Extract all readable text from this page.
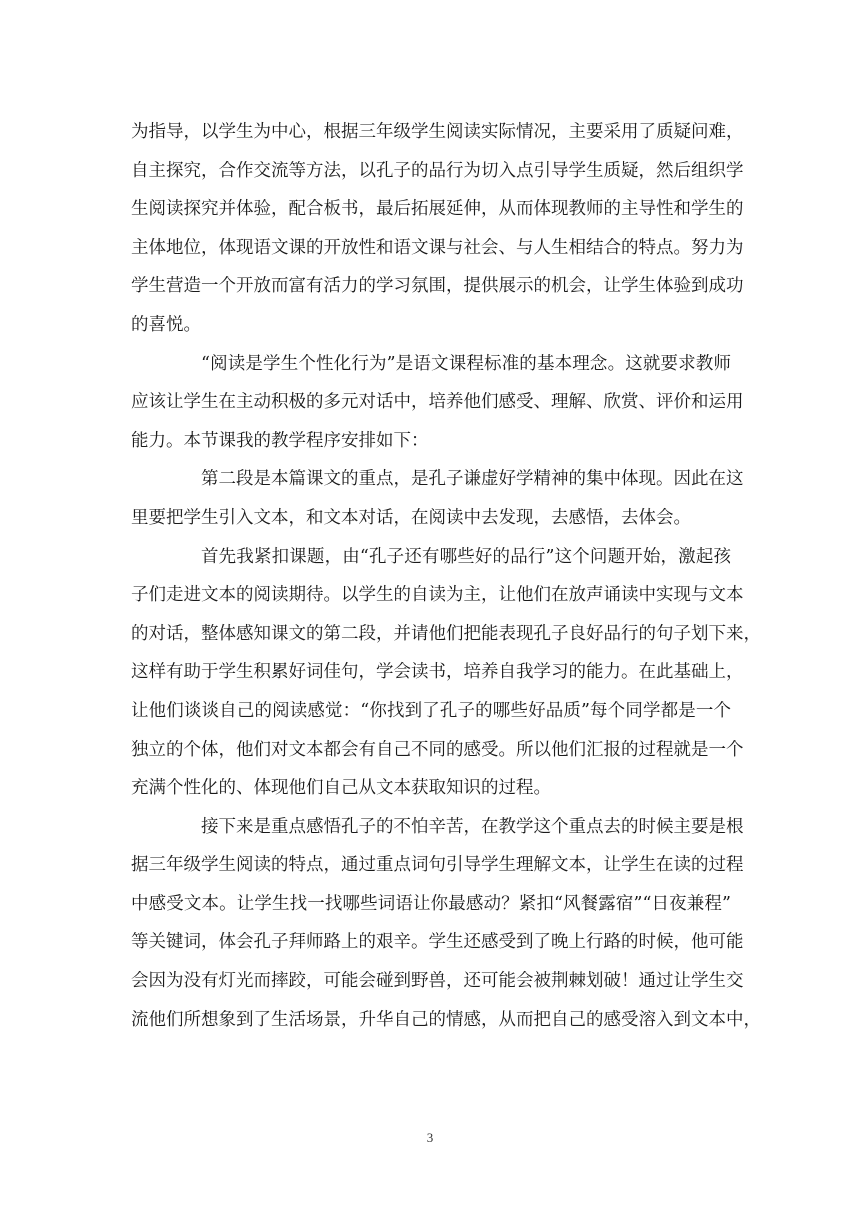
为指导，以学生为中心，根据三年级学生阅读实际情况，主要采用了质疑问难，
自主探究，合作交流等方法，以孔子的品行为切入点引导学生质疑，然后组织学
生阅读探究并体验，配合板书，最后拓展延伸，从而体现教师的主导性和学生的
主体地位，体现语文课的开放性和语文课与社会、与人生相结合的特点。努力为
学生营造一个开放而富有活力的学习氛围，提供展示的机会，让学生体验到成功
的喜悦。
“阅读是学生个性化行为”是语文课程标准的基本理念。这就要求教师
应该让学生在主动积极的多元对话中，培养他们感受、理解、欣赏、评价和运用
能力。本节课我的教学程序安排如下：
第二段是本篇课文的重点，是孔子谦虚好学精神的集中体现。因此在这
里要把学生引入文本，和文本对话，在阅读中去发现，去感悟，去体会。
首先我紧扣课题，由“孔子还有哪些好的品行”这个问题开始，激起孩
子们走进文本的阅读期待。以学生的自读为主，让他们在放声诵读中实现与文本
的对话，整体感知课文的第二段，并请他们把能表现孔子良好品行的句子划下来，
这样有助于学生积累好词佳句，学会读书，培养自我学习的能力。在此基础上，
让他们谈谈自己的阅读感觉：“你找到了孔子的哪些好品质”每个同学都是一个
独立的个体，他们对文本都会有自己不同的感受。所以他们汇报的过程就是一个
充满个性化的、体现他们自己从文本获取知识的过程。
接下来是重点感悟孔子的不怕辛苦，在教学这个重点去的时候主要是根
据三年级学生阅读的特点，通过重点词句引导学生理解文本，让学生在读的过程
中感受文本。让学生找一找哪些词语让你最感动？紧扣“风餐露宿”“日夜兼程”
等关键词，体会孔子拜师路上的艰辛。学生还感受到了晚上行路的时候，他可能
会因为没有灯光而摔跤，可能会碰到野兽，还可能会被荆棘划破！通过让学生交
流他们所想象到了生活场景，升华自己的情感，从而把自己的感受溶入到文本中，
3
